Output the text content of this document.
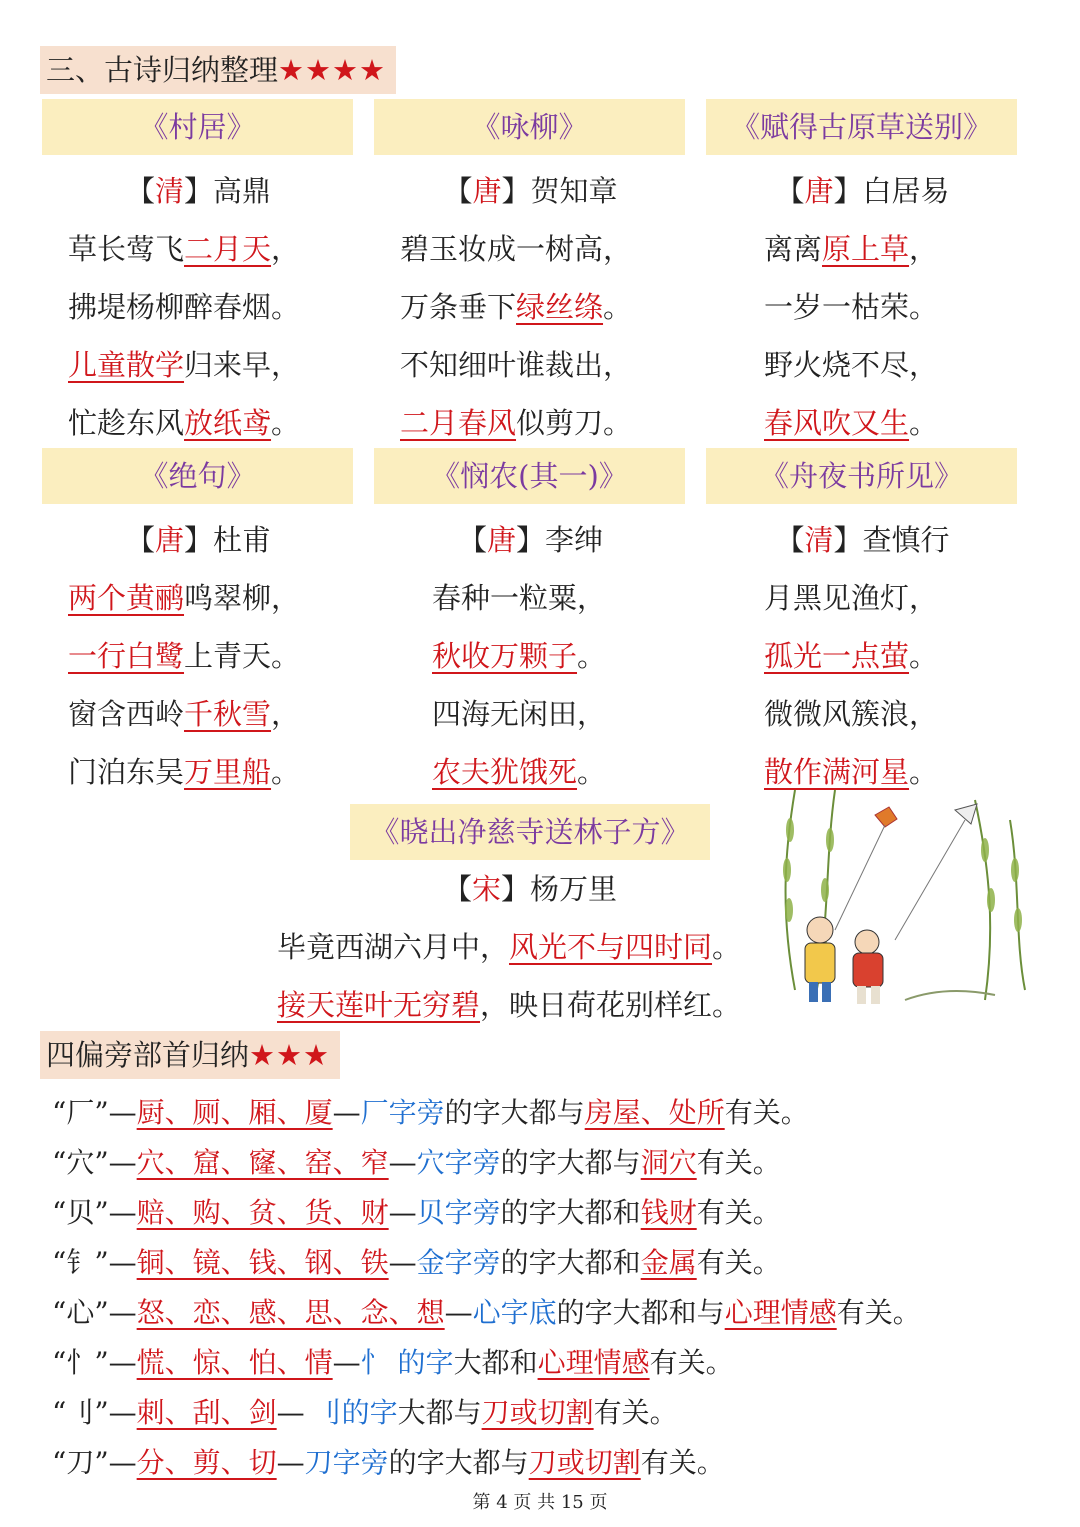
三、古诗归纳整理★★★★
《村居》	《咏柳》	《赋得古原草送别》
【清】高鼎
草长莺飞二月天，
拂堤杨柳醉春烟。
儿童散学归来早，
忙趁东风放纸鸢。
【唐】贺知章
碧玉妆成一树高，
万条垂下绿丝绦。
不知细叶谁裁出，
二月春风似剪刀。
【唐】白居易
离离原上草，
一岁一枯荣。
野火烧不尽，
春风吹又生。
《绝句》	《悯农(其一)》	《舟夜书所见》
【唐】杜甫
两个黄鹂鸣翠柳，
一行白鹭上青天。
窗含西岭千秋雪，
门泊东吴万里船。
【唐】李绅
春种一粒粟，
秋收万颗子。
四海无闲田，
农夫犹饿死。
【清】查慎行
月黑见渔灯，
孤光一点萤。
微微风簇浪，
散作满河星。
《晓出净慈寺送林子方》
【宋】杨万里
毕竟西湖六月中，风光不与四时同。
接天莲叶无穷碧，映日荷花别样红。
四偏旁部首归纳★★★
“厂”—厨、厕、厢、厦—厂字旁的字大都与房屋、处所有关。
“穴”—穴、窟、窿、窑、窄—穴字旁的字大都与洞穴有关。
“贝”—赔、购、贫、货、财—贝字旁的字大都和钱财有关。
“钅”—铜、镜、钱、钢、铁—金字旁的字大都和金属有关。
“心”—怒、恋、感、思、念、想—心字底的字大都和与心理情感有关。
“忄”—慌、惊、怕、情—忄 的字大都和心理情感有关。
“刂”—刺、刮、剑— 刂的字大都与刀或切割有关。
“刀”—分、剪、切—刀字旁的字大都与刀或切割有关。
第 4 页 共 15 页
